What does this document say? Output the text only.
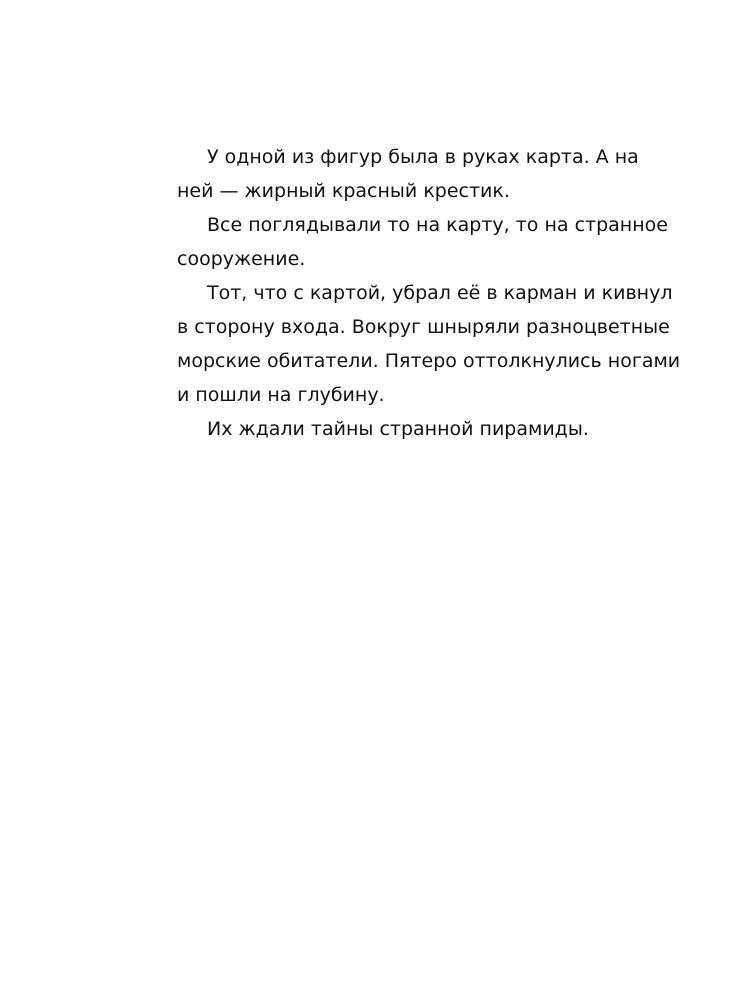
У одной из фигур была в руках карта. А на
ней — жирный красный крестик.
Все поглядывали то на карту, то на странное
сооружение.
Тот, что с картой, убрал её в карман и кивнул
в сторону входа. Вокруг шныряли разноцветные
морские обитатели. Пятеро оттолкнулись ногами
и пошли на глубину.
Их ждали тайны странной пирамиды.
